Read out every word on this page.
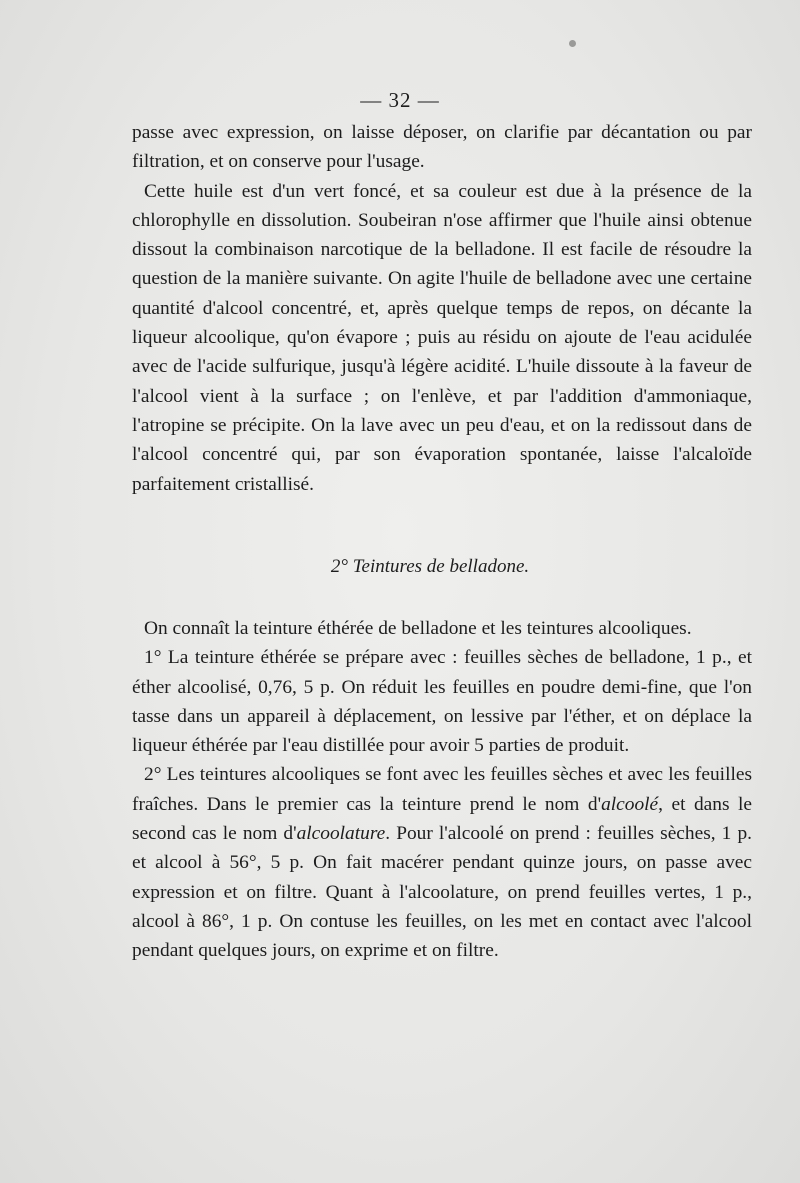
— 32 —

passe avec expression, on laisse déposer, on clarifie par décantation ou par filtration, et on conserve pour l'usage.

Cette huile est d'un vert foncé, et sa couleur est due à la présence de la chlorophylle en dissolution. Soubeiran n'ose affirmer que l'huile ainsi obtenue dissout la combinaison narcotique de la belladone. Il est facile de résoudre la question de la manière suivante. On agite l'huile de belladone avec une certaine quantité d'alcool concentré, et, après quelque temps de repos, on décante la liqueur alcoolique, qu'on évapore ; puis au résidu on ajoute de l'eau acidulée avec de l'acide sulfurique, jusqu'à légère acidité. L'huile dissoute à la faveur de l'alcool vient à la surface ; on l'enlève, et par l'addition d'ammoniaque, l'atropine se précipite. On la lave avec un peu d'eau, et on la redissout dans de l'alcool concentré qui, par son évaporation spontanée, laisse l'alcaloïde parfaitement cristallisé.

2° Teintures de belladone.

On connaît la teinture éthérée de belladone et les teintures alcooliques.

1° La teinture éthérée se prépare avec : feuilles sèches de belladone, 1 p., et éther alcoolisé, 0,76, 5 p. On réduit les feuilles en poudre demi-fine, que l'on tasse dans un appareil à déplacement, on lessive par l'éther, et on déplace la liqueur éthérée par l'eau distillée pour avoir 5 parties de produit.

2° Les teintures alcooliques se font avec les feuilles sèches et avec les feuilles fraîches. Dans le premier cas la teinture prend le nom d'alcoolé, et dans le second cas le nom d'alcoolature. Pour l'alcoolé on prend : feuilles sèches, 1 p. et alcool à 56°, 5 p. On fait macérer pendant quinze jours, on passe avec expression et on filtre. Quant à l'alcoolature, on prend feuilles vertes, 1 p., alcool à 86°, 1 p. On contuse les feuilles, on les met en contact avec l'alcool pendant quelques jours, on exprime et on filtre.
